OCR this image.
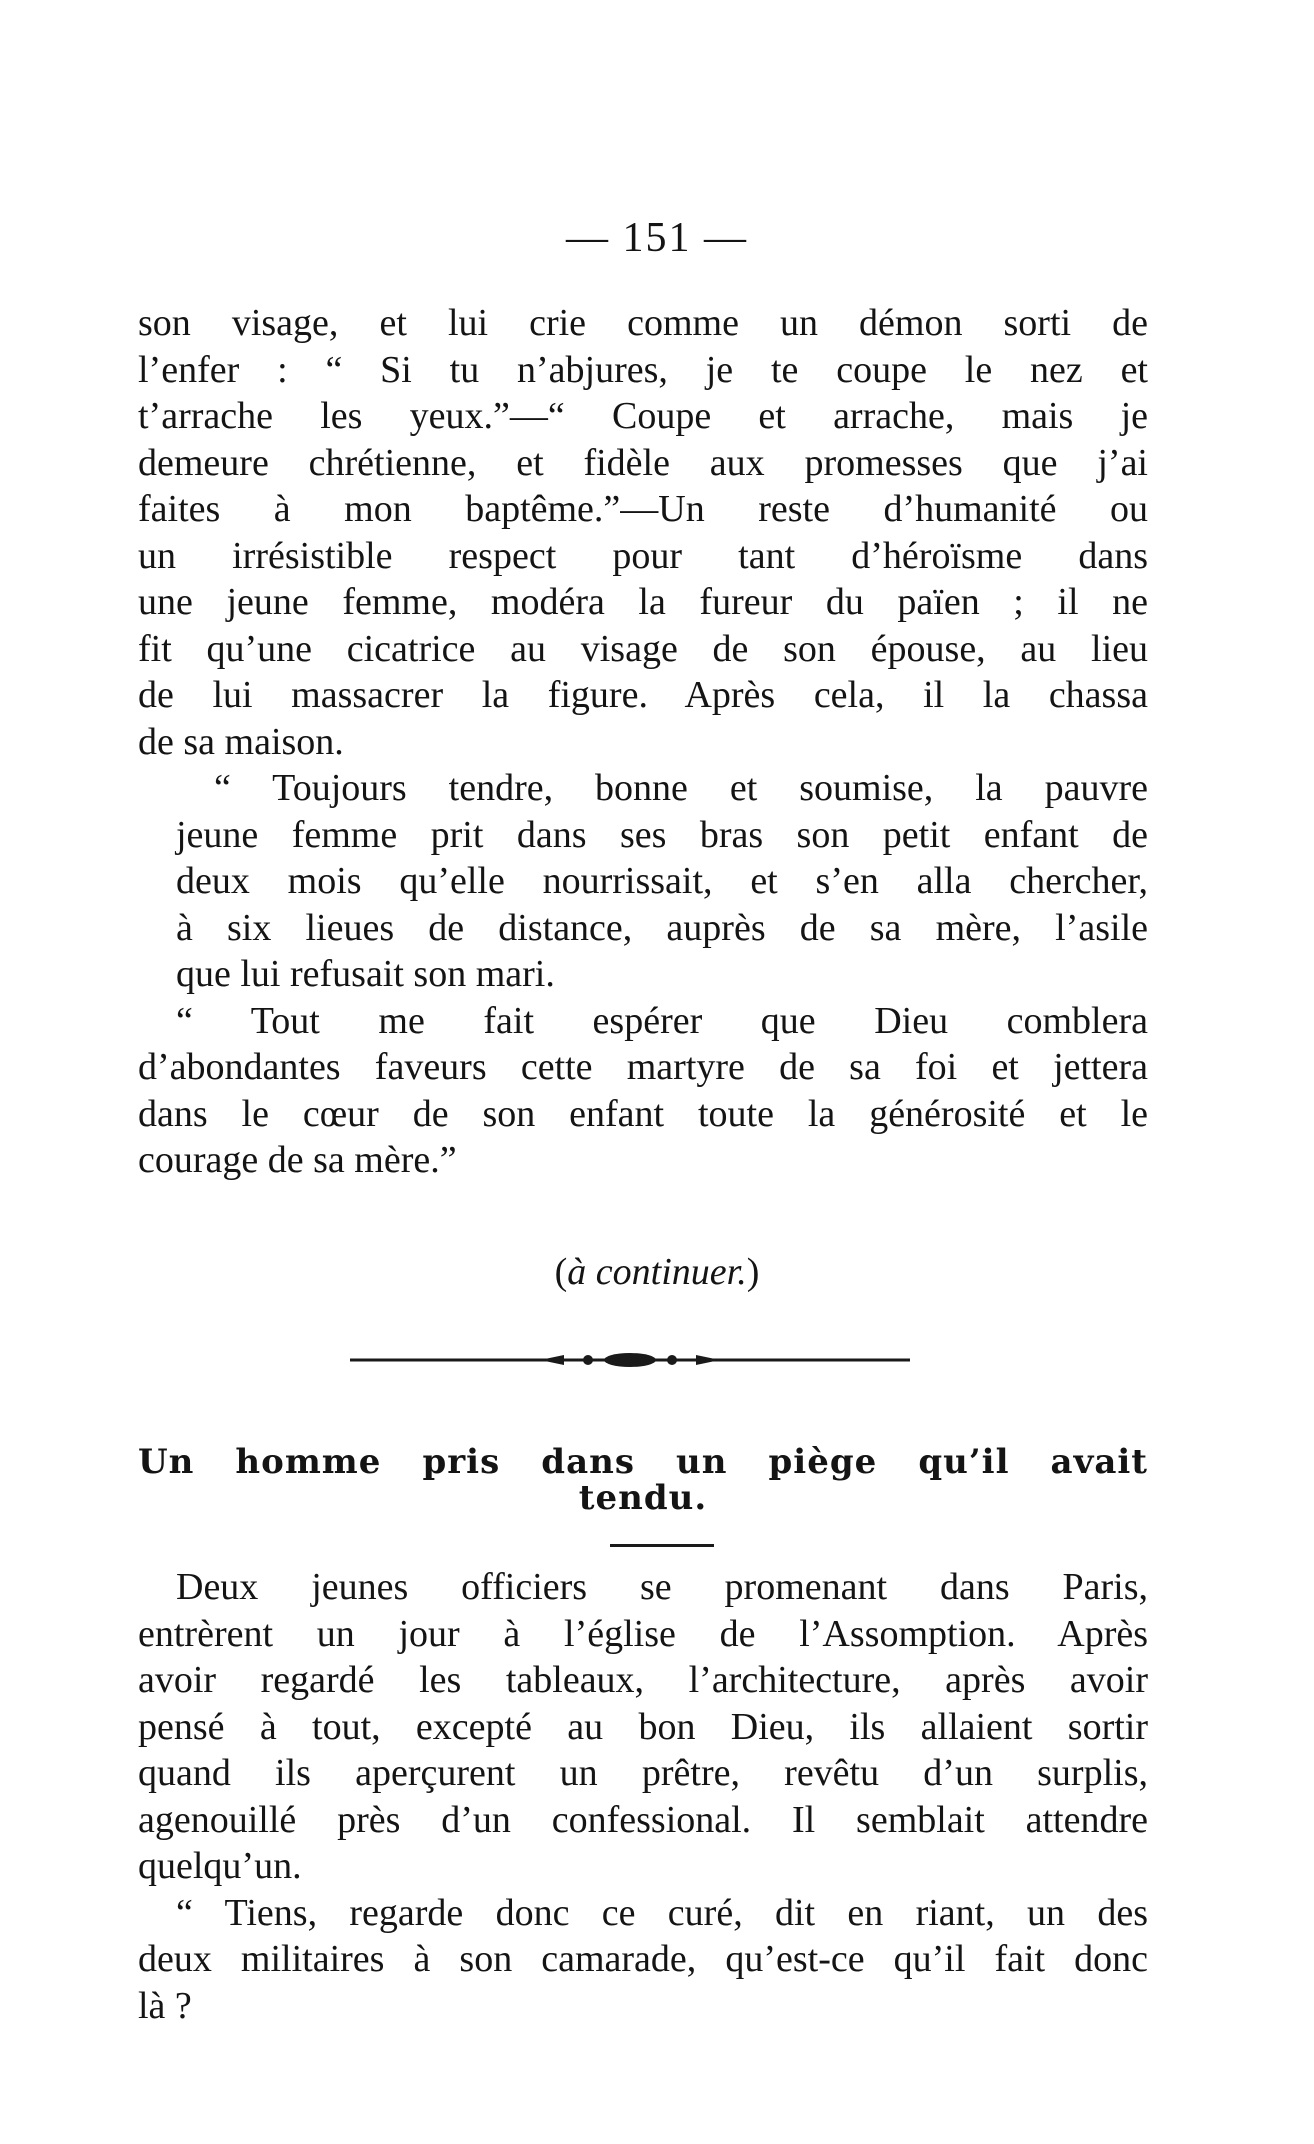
— 151 —
son visage, et lui crie comme un démon sorti de
l’enfer : “ Si tu n’abjures, je te coupe le nez et
t’arrache les yeux.”—“ Coupe et arrache, mais je
demeure chrétienne, et fidèle aux promesses que j’ai
faites à mon baptême.”—Un reste d’humanité ou
un irrésistible respect pour tant d’héroïsme dans
une jeune femme, modéra la fureur du païen ; il ne
fit qu’une cicatrice au visage de son épouse, au lieu
de lui massacrer la figure. Après cela, il la chassa
de sa maison.
“ Toujours tendre, bonne et soumise, la pauvre
jeune femme prit dans ses bras son petit enfant de
deux mois qu’elle nourrissait, et s’en alla chercher,
à six lieues de distance, auprès de sa mère, l’asile
que lui refusait son mari.
“ Tout me fait espérer que Dieu comblera
d’abondantes faveurs cette martyre de sa foi et jettera
dans le cœur de son enfant toute la générosité et le
courage de sa mère.”
(à continuer.)
Un homme pris dans un piège qu’il avait
tendu.
Deux jeunes officiers se promenant dans Paris,
entrèrent un jour à l’église de l’Assomption. Après
avoir regardé les tableaux, l’architecture, après avoir
pensé à tout, excepté au bon Dieu, ils allaient sortir
quand ils aperçurent un prêtre, revêtu d’un surplis,
agenouillé près d’un confessional. Il semblait attendre
quelqu’un.
“ Tiens, regarde donc ce curé, dit en riant, un des
deux militaires à son camarade, qu’est-ce qu’il fait donc
là ?
